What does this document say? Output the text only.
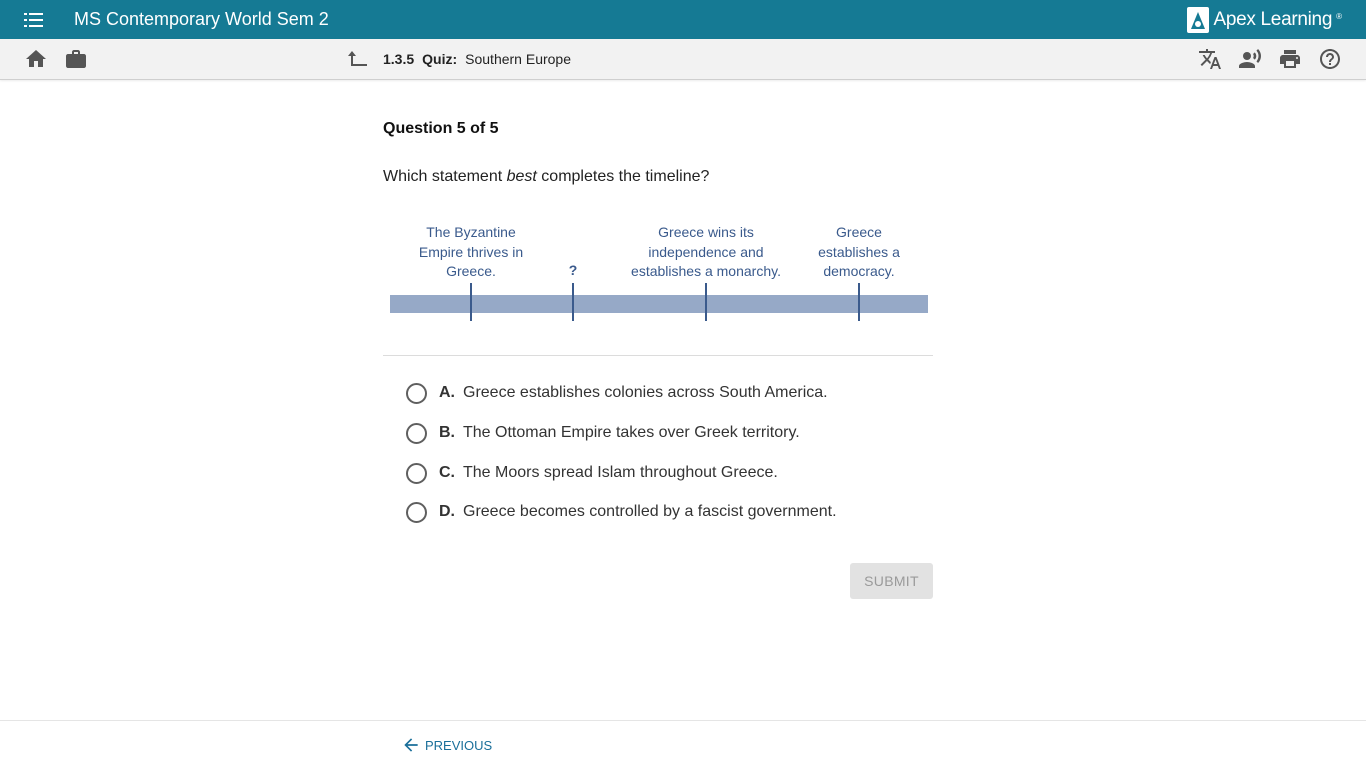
MS Contemporary World Sem 2	Apex Learning ®
1.3.5 Quiz: Southern Europe
Question 5 of 5
Which statement best completes the timeline?
The Byzantine
Empire thrives in
Greece.	?
Greece wins its
independence and
establishes a monarchy.
Greece
establishes a
democracy.
A. Greece establishes colonies across South America.
B. The Ottoman Empire takes over Greek territory.
C. The Moors spread Islam throughout Greece.
D. Greece becomes controlled by a fascist government.
SUBMIT
PREVIOUS
